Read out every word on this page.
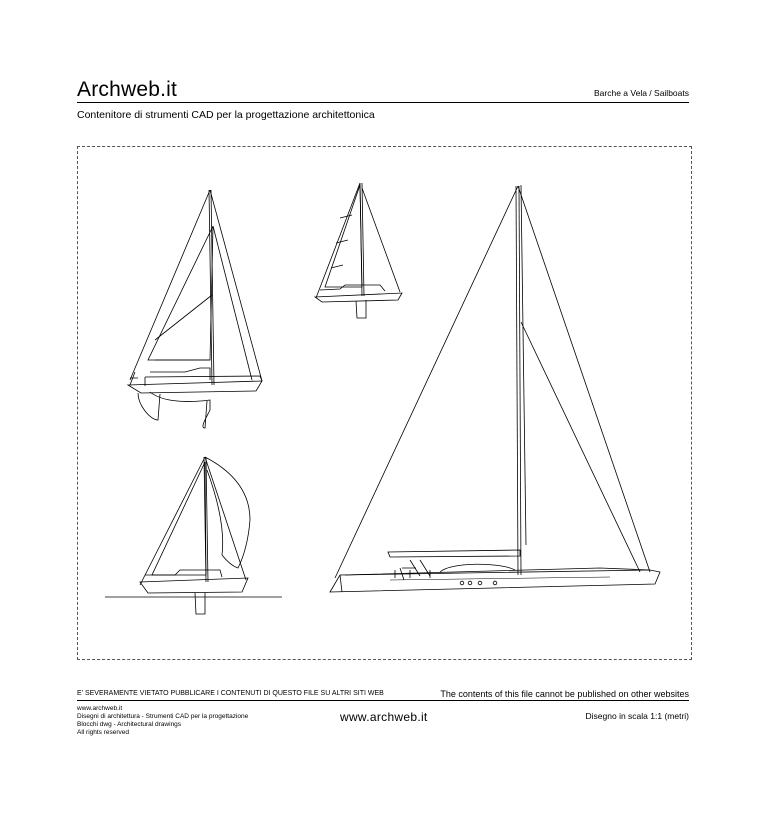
Archweb.it	Barche a Vela / Sailboats
Contenitore di strumenti CAD per la progettazione architettonica
E' SEVERAMENTE VIETATO PUBBLICARE I CONTENUTI DI QUESTO FILE SU ALTRI SITI WEB	The contents of this file cannot be published on other websites
www.archweb.it
Disegni di architettura - Strumenti CAD per la progettazione
Blocchi dwg - Architectural drawings
All rights reserved
www.archweb.it	Disegno in scala 1:1 (metri)
